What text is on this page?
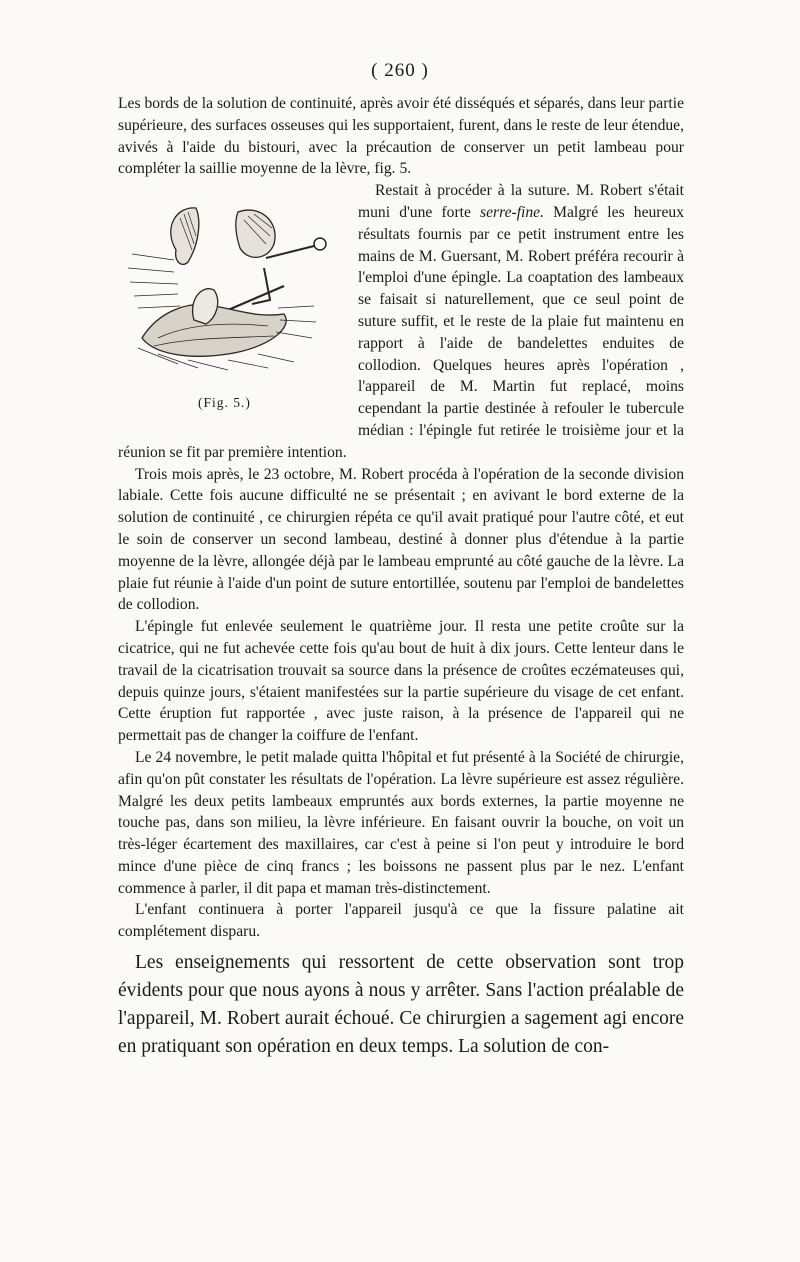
( 260 )

Les bords de la solution de continuité, après avoir été disséqués et séparés, dans leur partie supérieure, des surfaces osseuses qui les supportaient, furent, dans le reste de leur étendue, avivés à l'aide du bistouri, avec la précaution de conserver un petit lambeau pour compléter la saillie moyenne de la lèvre, fig. 5.

(Fig. 5.)

Restait à procéder à la suture. M. Robert s'était muni d'une forte serre-fine. Malgré les heureux résultats fournis par ce petit instrument entre les mains de M. Guersant, M. Robert préféra recourir à l'emploi d'une épingle. La coaptation des lambeaux se faisait si naturellement, que ce seul point de suture suffit, et le reste de la plaie fut maintenu en rapport à l'aide de bandelettes enduites de collodion. Quelques heures après l'opération , l'appareil de M. Martin fut replacé, moins cependant la partie destinée à refouler le tubercule médian : l'épingle fut retirée le troisième jour et la réunion se fit par première intention.

Trois mois après, le 23 octobre, M. Robert procéda à l'opération de la seconde division labiale. Cette fois aucune difficulté ne se présentait ; en avivant le bord externe de la solution de continuité , ce chirurgien répéta ce qu'il avait pratiqué pour l'autre côté, et eut le soin de conserver un second lambeau, destiné à donner plus d'étendue à la partie moyenne de la lèvre, allongée déjà par le lambeau emprunté au côté gauche de la lèvre. La plaie fut réunie à l'aide d'un point de suture entortillée, soutenu par l'emploi de bandelettes de collodion.

L'épingle fut enlevée seulement le quatrième jour. Il resta une petite croûte sur la cicatrice, qui ne fut achevée cette fois qu'au bout de huit à dix jours. Cette lenteur dans le travail de la cicatrisation trouvait sa source dans la présence de croûtes eczémateuses qui, depuis quinze jours, s'étaient manifestées sur la partie supérieure du visage de cet enfant. Cette éruption fut rapportée , avec juste raison, à la présence de l'appareil qui ne permettait pas de changer la coiffure de l'enfant.

Le 24 novembre, le petit malade quitta l'hôpital et fut présenté à la Société de chirurgie, afin qu'on pût constater les résultats de l'opération. La lèvre supérieure est assez régulière. Malgré les deux petits lambeaux empruntés aux bords externes, la partie moyenne ne touche pas, dans son milieu, la lèvre inférieure. En faisant ouvrir la bouche, on voit un très-léger écartement des maxillaires, car c'est à peine si l'on peut y introduire le bord mince d'une pièce de cinq francs ; les boissons ne passent plus par le nez. L'enfant commence à parler, il dit papa et maman très-distinctement.

L'enfant continuera à porter l'appareil jusqu'à ce que la fissure palatine ait complétement disparu.

Les enseignements qui ressortent de cette observation sont trop évidents pour que nous ayons à nous y arrêter. Sans l'action préalable de l'appareil, M. Robert aurait échoué. Ce chirurgien a sagement agi encore en pratiquant son opération en deux temps. La solution de con-
